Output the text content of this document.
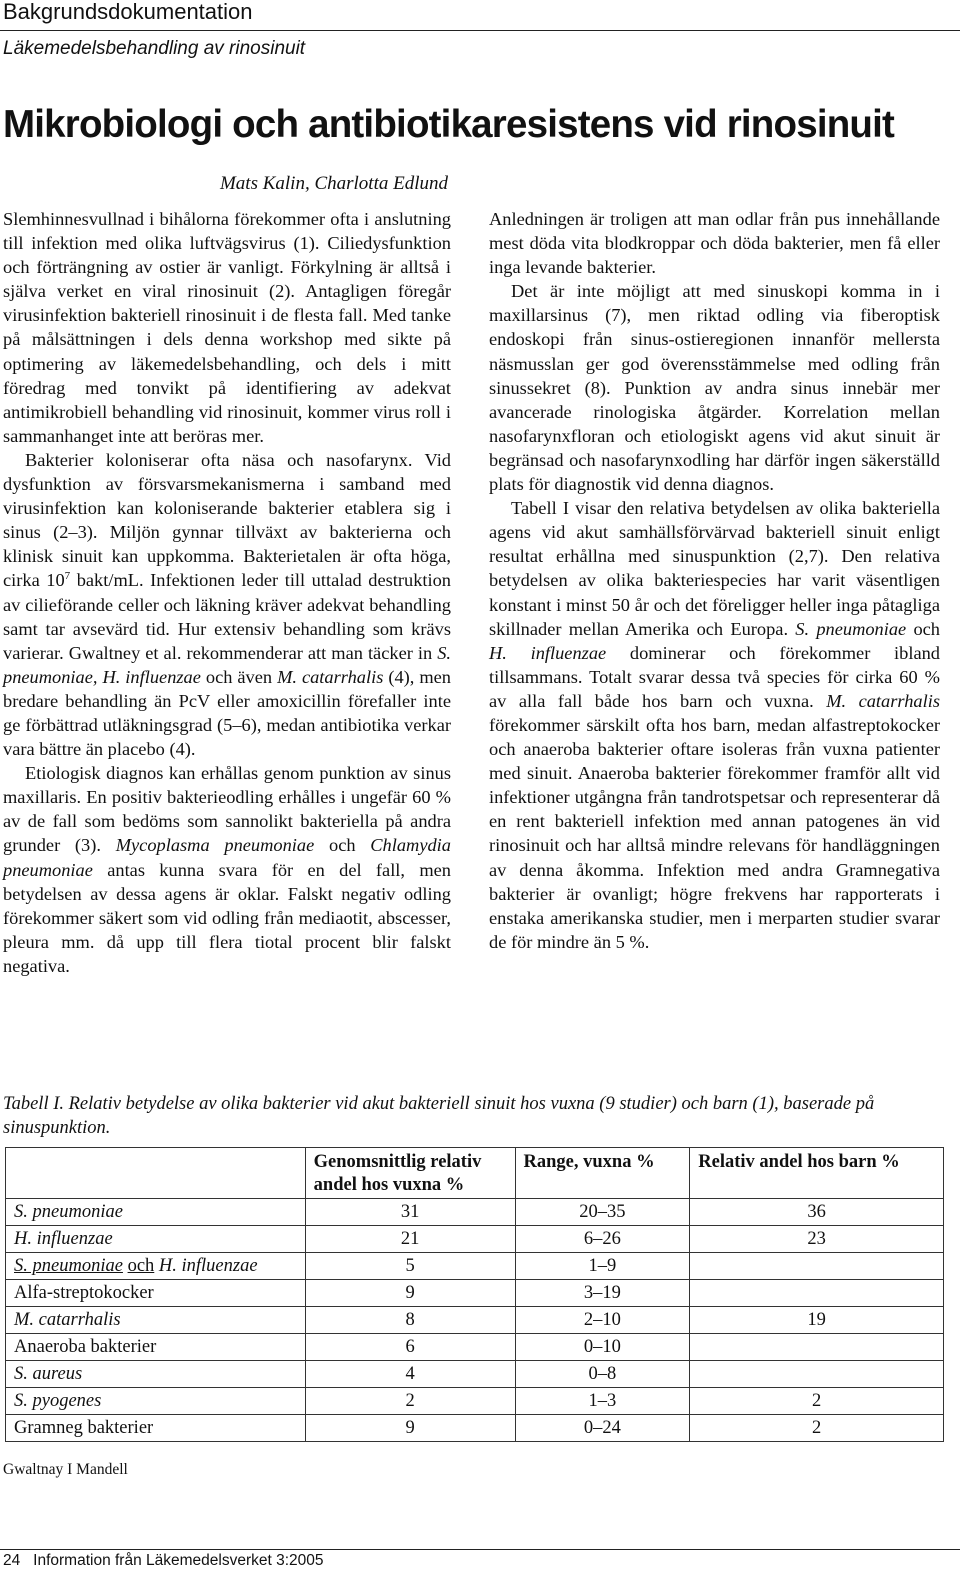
Bakgrundsdokumentation
Läkemedelsbehandling av rinosinuit
Mikrobiologi och antibiotikaresistens vid rinosinuit
Mats Kalin, Charlotta Edlund

Slemhinnesvullnad i bihålorna förekommer ofta i anslutning till infektion med olika luftvägsvirus (1). Ciliedysfunktion och förträngning av ostier är vanligt. Förkylning är alltså i själva verket en viral rinosinuit (2). Antagligen föregår virusinfektion bakteriell rinosinuit i de flesta fall. Med tanke på målsättningen i dels denna workshop med sikte på optimering av läkemedelsbehandling, och dels i mitt föredrag med tonvikt på identifiering av adekvat antimikrobiell behandling vid rinosinuit, kommer virus roll i sammanhanget inte att beröras mer.

Bakterier koloniserar ofta näsa och nasofarynx. Vid dysfunktion av försvarsmekanismerna i samband med virusinfektion kan koloniserande bakterier etablera sig i sinus (2–3). Miljön gynnar tillväxt av bakterierna och klinisk sinuit kan uppkomma. Bakterietalen är ofta höga, cirka $10^7$ bakt/mL. Infektionen leder till uttalad destruktion av cilieförande celler och läkning kräver adekvat behandling samt tar avsevärd tid. Hur extensiv behandling som krävs varierar. Gwaltney et al. rekommenderar att man täcker in S. pneumoniae, H. influenzae och även M. catarrhalis (4), men bredare behandling än PcV eller amoxicillin förefaller inte ge förbättrad utläkningsgrad (5–6), medan antibiotika verkar vara bättre än placebo (4).

Etiologisk diagnos kan erhållas genom punktion av sinus maxillaris. En positiv bakterieodling erhålles i ungefär 60 % av de fall som bedöms som sannolikt bakteriella på andra grunder (3). Mycoplasma pneumoniae och Chlamydia pneumoniae antas kunna svara för en del fall, men betydelsen av dessa agens är oklar. Falskt negativ odling förekommer säkert som vid odling från mediaotit, abscesser, pleura mm. då upp till flera tiotal procent blir falskt negativa.

Anledningen är troligen att man odlar från pus innehållande mest döda vita blodkroppar och döda bakterier, men få eller inga levande bakterier.

Det är inte möjligt att med sinuskopi komma in i maxillarsinus (7), men riktad odling via fiberoptisk endoskopi från sinus-ostieregionen innanför mellersta näsmusslan ger god överensstämmelse med odling från sinussekret (8). Punktion av andra sinus innebär mer avancerade rinologiska åtgärder. Korrelation mellan nasofarynxfloran och etiologiskt agens vid akut sinuit är begränsad och nasofarynxodling har därför ingen säkerställd plats för diagnostik vid denna diagnos.

Tabell I visar den relativa betydelsen av olika bakteriella agens vid akut samhällsförvärvad bakteriell sinuit enligt resultat erhållna med sinuspunktion (2,7). Den relativa betydelsen av olika bakteriespecies har varit väsentligen konstant i minst 50 år och det föreligger heller inga påtagliga skillnader mellan Amerika och Europa. S. pneumoniae och H. influenzae dominerar och förekommer ibland tillsammans. Totalt svarar dessa två species för cirka 60 % av alla fall både hos barn och vuxna. M. catarrhalis förekommer särskilt ofta hos barn, medan alfastreptokocker och anaeroba bakterier oftare isoleras från vuxna patienter med sinuit. Anaeroba bakterier förekommer framför allt vid infektioner utgångna från tandrotspetsar och representerar då en rent bakteriell infektion med annan patogenes än vid rinosinuit och har alltså mindre relevans för handläggningen av denna åkomma. Infektion med andra Gramnegativa bakterier är ovanligt; högre frekvens har rapporterats i enstaka amerikanska studier, men i merparten studier svarar de för mindre än 5 %.

Tabell I. Relativ betydelse av olika bakterier vid akut bakteriell sinuit hos vuxna (9 studier) och barn (1), baserade på sinuspunktion.
	Genomsnittlig relativ andel hos vuxna %	Range, vuxna %	Relativ andel hos barn %
S. pneumoniae	31	20–35	36
H. influenzae	21	6–26	23
S. pneumoniae och H. influenzae	5	1–9	
Alfa-streptokocker	9	3–19	
M. catarrhalis	8	2–10	19
Anaeroba bakterier	6	0–10	
S. aureus	4	0–8	
S. pyogenes	2	1–3	2
Gramneg bakterier	9	0–24	2
Gwaltnay I Mandell
24   Information från Läkemedelsverket 3:2005
